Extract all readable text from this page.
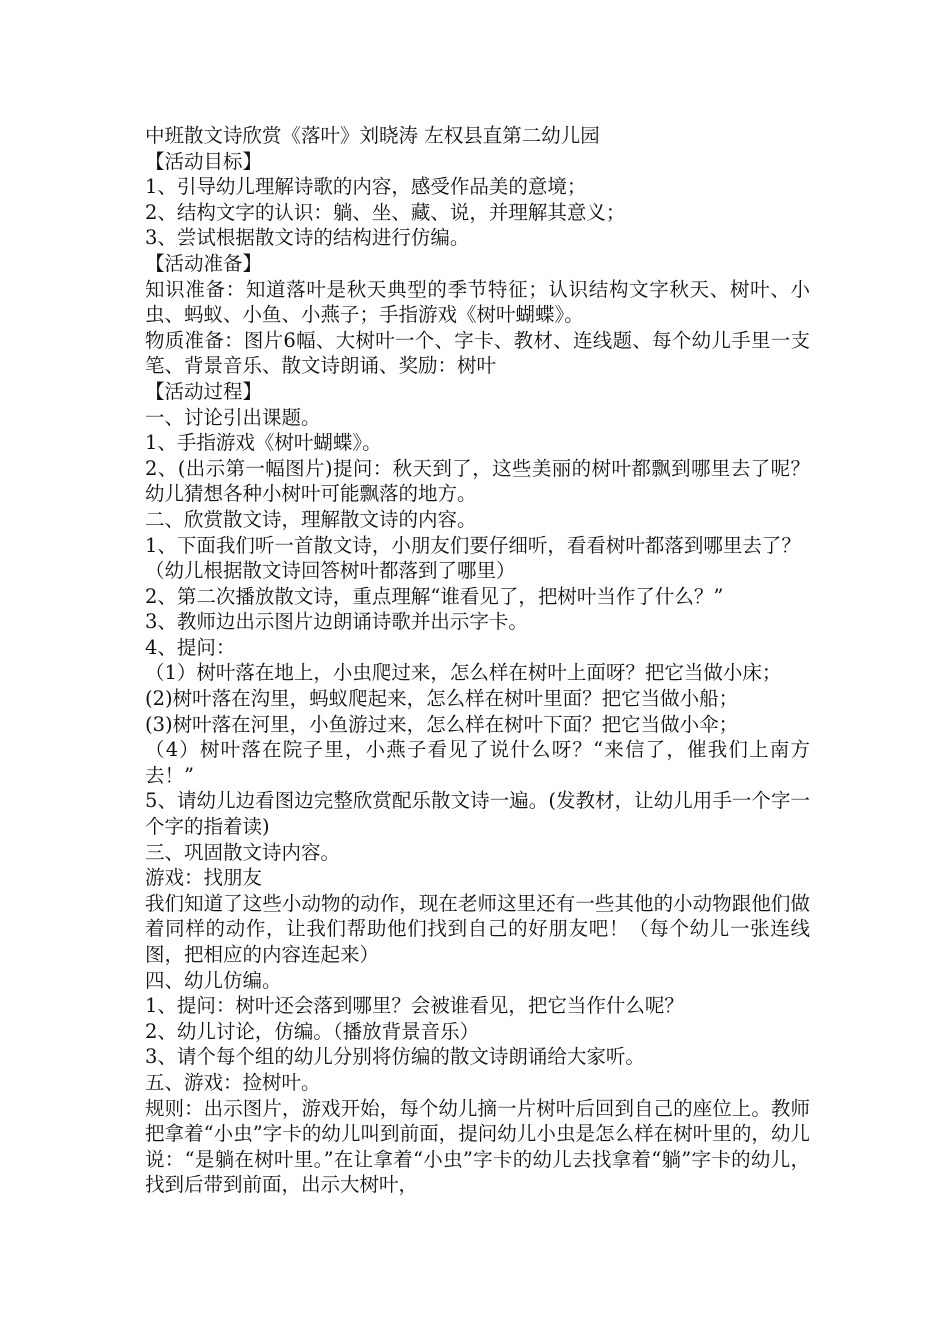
中班散文诗欣赏《落叶》刘晓涛 左权县直第二幼儿园

【活动目标】

1、引导幼儿理解诗歌的内容，感受作品美的意境；

2、结构文字的认识：躺、坐、藏、说，并理解其意义；

3、尝试根据散文诗的结构进行仿编。

【活动准备】

知识准备：知道落叶是秋天典型的季节特征；认识结构文字秋天、树叶、小虫、蚂蚁、小鱼、小燕子；手指游戏《树叶蝴蝶》。

物质准备：图片6幅、大树叶一个、字卡、教材、连线题、每个幼儿手里一支笔、背景音乐、散文诗朗诵、奖励：树叶

【活动过程】

一、讨论引出课题。

1、手指游戏《树叶蝴蝶》。

2、(出示第一幅图片)提问：秋天到了，这些美丽的树叶都飘到哪里去了呢？幼儿猜想各种小树叶可能飘落的地方。

二、欣赏散文诗，理解散文诗的内容。

1、下面我们听一首散文诗，小朋友们要仔细听，看看树叶都落到哪里去了？

（幼儿根据散文诗回答树叶都落到了哪里）

2、第二次播放散文诗，重点理解“谁看见了，把树叶当作了什么？”

3、教师边出示图片边朗诵诗歌并出示字卡。

4、提问：

（1）树叶落在地上，小虫爬过来，怎么样在树叶上面呀？把它当做小床；

(2)树叶落在沟里，蚂蚁爬起来，怎么样在树叶里面？把它当做小船；

(3)树叶落在河里，小鱼游过来，怎么样在树叶下面？把它当做小伞；

（4）树叶落在院子里，小燕子看见了说什么呀？“来信了，催我们上南方去！”

5、请幼儿边看图边完整欣赏配乐散文诗一遍。(发教材，让幼儿用手一个字一个字的指着读)

三、巩固散文诗内容。

游戏：找朋友

我们知道了这些小动物的动作，现在老师这里还有一些其他的小动物跟他们做着同样的动作，让我们帮助他们找到自己的好朋友吧！（每个幼儿一张连线图，把相应的内容连起来）

四、幼儿仿编。

1、提问：树叶还会落到哪里？会被谁看见，把它当作什么呢？

2、幼儿讨论，仿编。（播放背景音乐）

3、请个每个组的幼儿分别将仿编的散文诗朗诵给大家听。

五、游戏：捡树叶。

规则：出示图片，游戏开始，每个幼儿摘一片树叶后回到自己的座位上。教师把拿着“小虫”字卡的幼儿叫到前面，提问幼儿小虫是怎么样在树叶里的，幼儿说：“是躺在树叶里。”在让拿着“小虫”字卡的幼儿去找拿着“躺”字卡的幼儿，找到后带到前面，出示大树叶，
